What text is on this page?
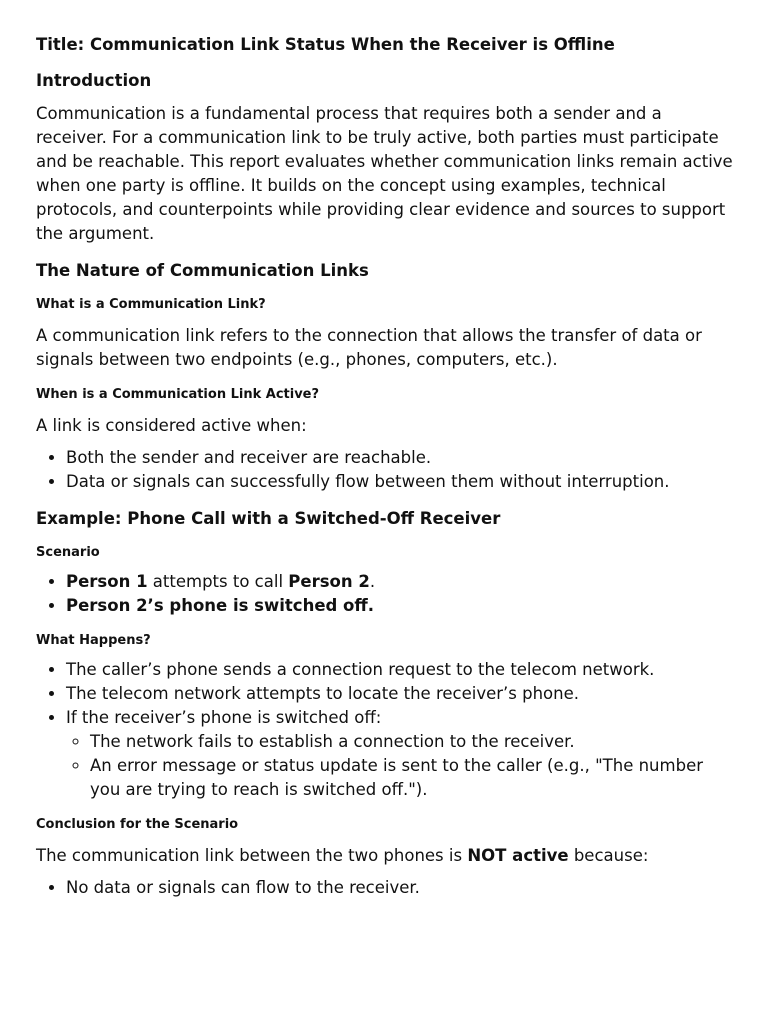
Title: Communication Link Status When the Receiver is Offline
Introduction

Communication is a fundamental process that requires both a sender and a receiver. For a communication link to be truly active, both parties must participate and be reachable. This report evaluates whether communication links remain active when one party is offline. It builds on the concept using examples, technical protocols, and counterpoints while providing clear evidence and sources to support the argument.

The Nature of Communication Links
What is a Communication Link?

A communication link refers to the connection that allows the transfer of data or signals between two endpoints (e.g., phones, computers, etc.).

When is a Communication Link Active?

A link is considered active when:

• Both the sender and receiver are reachable.
• Data or signals can successfully flow between them without interruption.
Example: Phone Call with a Switched-Off Receiver
Scenario
• Person 1 attempts to call Person 2.
• Person 2’s phone is switched off.
What Happens?
• The caller’s phone sends a connection request to the telecom network.
• The telecom network attempts to locate the receiver’s phone.
• If the receiver’s phone is switched off:
◦ The network fails to establish a connection to the receiver.
◦ An error message or status update is sent to the caller (e.g., "The number you are trying to reach is switched off.").
Conclusion for the Scenario

The communication link between the two phones is NOT active because:

• No data or signals can flow to the receiver.
